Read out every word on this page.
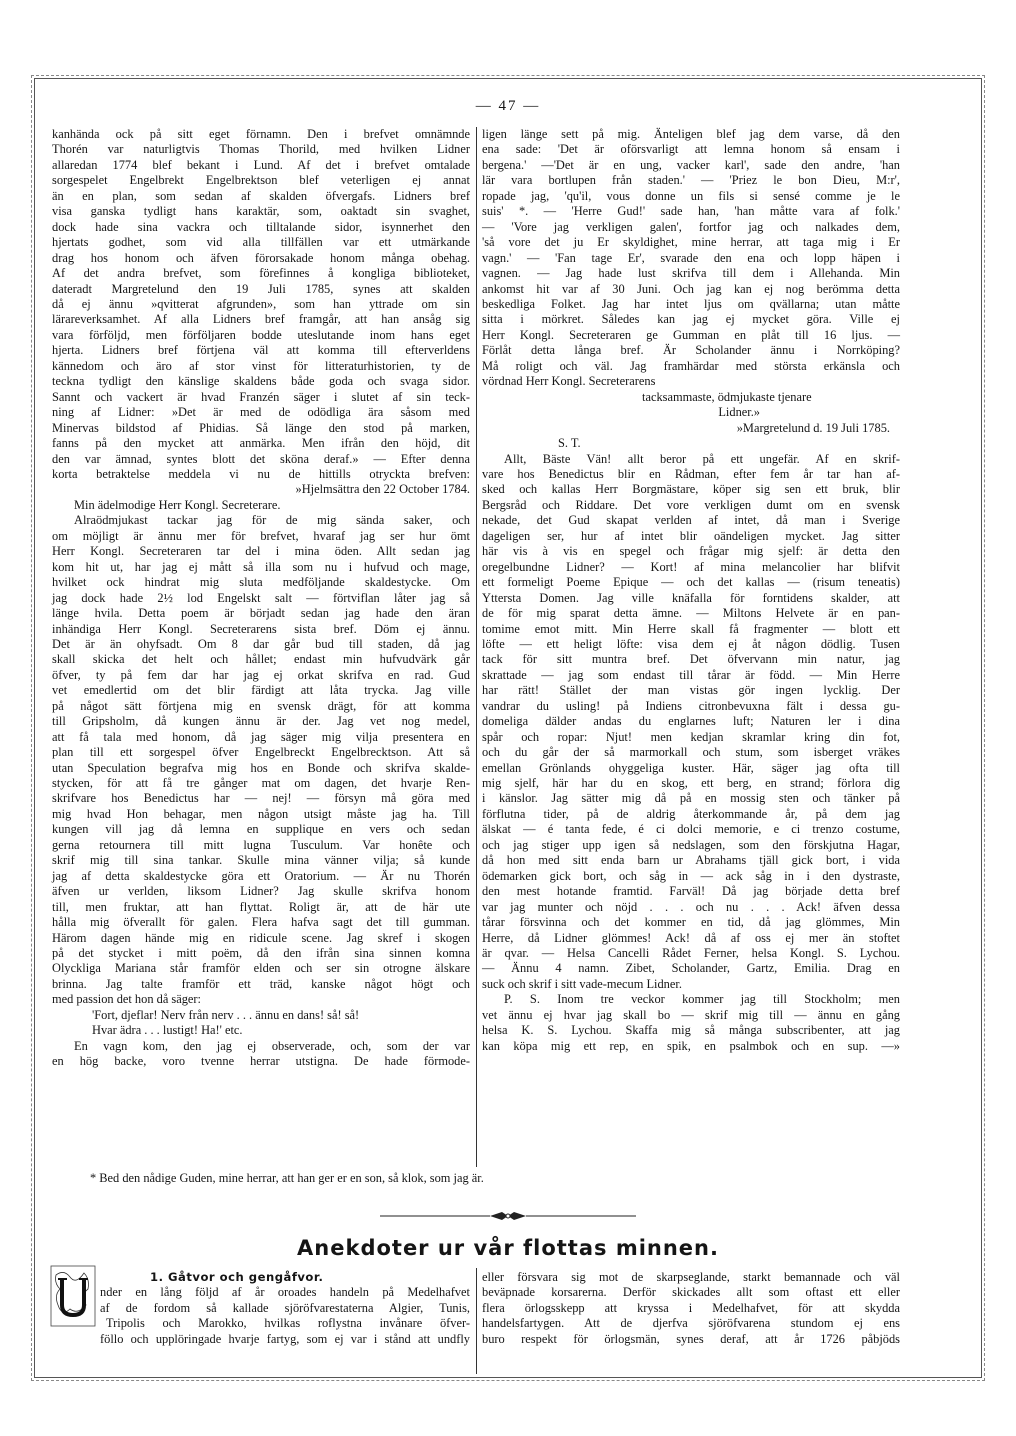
— 47 —

kanhända ock på sitt eget förnamn. Den i brefvet omnämnde

Thorén var naturligtvis Thomas Thorild, med hvilken Lidner

allaredan 1774 blef bekant i Lund. Af det i brefvet omtalade

sorgespelet Engelbrekt Engelbrektson blef veterligen ej annat

än en plan, som sedan af skalden öfvergafs. Lidners bref

visa ganska tydligt hans karaktär, som, oaktadt sin svaghet,

dock hade sina vackra och tilltalande sidor, isynnerhet den

hjertats godhet, som vid alla tillfällen var ett utmärkande

drag hos honom och äfven förorsakade honom många obehag.

Af det andra brefvet, som förefinnes å kongliga biblioteket,

dateradt Margretelund den 19 Juli 1785, synes att skalden

då ej ännu »qvitterat afgrunden», som han yttrade om sin

lärareverksamhet. Af alla Lidners bref framgår, att han ansåg sig

vara förföljd, men förföljaren bodde uteslutande inom hans eget

hjerta. Lidners bref förtjena väl att komma till efterverldens

kännedom och äro af stor vinst för litteraturhistorien, ty de

teckna tydligt den känslige skaldens både goda och svaga sidor.

Sannt och vackert är hvad Franzén säger i slutet af sin teck-

ning af Lidner: »Det är med de odödliga ära såsom med

Minervas bildstod af Phidias. Så länge den stod på marken,

fanns på den mycket att anmärka. Men ifrån den höjd, dit

den var ämnad, syntes blott det sköna deraf.» — Efter denna

korta betraktelse meddela vi nu de hittills otryckta brefven:

»Hjelmsättra den 22 October 1784.

Min ädelmodige Herr Kongl. Secreterare.

Alraödmjukast tackar jag för de mig sända saker, och

om möjligt är ännu mer för brefvet, hvaraf jag ser hur ömt

Herr Kongl. Secreteraren tar del i mina öden. Allt sedan jag

kom hit ut, har jag ej mått så illa som nu i hufvud och mage,

hvilket ock hindrat mig sluta medföljande skaldestycke. Om

jag dock hade 2½ lod Engelskt salt — förtviflan låter jag så

länge hvila. Detta poem är börjadt sedan jag hade den äran

inhändiga Herr Kongl. Secreterarens sista bref. Döm ej ännu.

Det är än ohyfsadt. Om 8 dar går bud till staden, då jag

skall skicka det helt och hållet; endast min hufvudvärk går

öfver, ty på fem dar har jag ej orkat skrifva en rad. Gud

vet emedlertid om det blir färdigt att låta trycka. Jag ville

på något sätt förtjena mig en svensk drägt, för att komma

till Gripsholm, då kungen ännu är der. Jag vet nog medel,

att få tala med honom, då jag säger mig vilja presentera en

plan till ett sorgespel öfver Engelbreckt Engelbrecktson. Att så

utan Speculation begrafva mig hos en Bonde och skrifva skalde-

stycken, för att få tre gånger mat om dagen, det hvarje Ren-

skrifvare hos Benedictus har — nej! — försyn må göra med

mig hvad Hon behagar, men någon utsigt måste jag ha. Till

kungen vill jag då lemna en supplique en vers och sedan

gerna retournera till mitt lugna Tusculum. Var honête och

skrif mig till sina tankar. Skulle mina vänner vilja; så kunde

jag af detta skaldestycke göra ett Oratorium. — Är nu Thorén

äfven ur verlden, liksom Lidner? Jag skulle skrifva honom

till, men fruktar, att han flyttat. Roligt är, att de här ute

hålla mig öfverallt för galen. Flera hafva sagt det till gumman.

Härom dagen hände mig en ridicule scene. Jag skref i skogen

på det stycket i mitt poëm, då den ifrån sina sinnen komna

Olyckliga Mariana står framför elden och ser sin otrogne älskare

brinna. Jag talte framför ett träd, kanske något högt och

med passion det hon då säger:

'Fort, djeflar! Nerv från nerv . . . ännu en dans! så! så!

Hvar ädra . . . lustigt! Ha!' etc.

En vagn kom, den jag ej observerade, och, som der var

en hög backe, voro tvenne herrar utstigna. De hade förmode-

ligen länge sett på mig. Änteligen blef jag dem varse, då den

ena sade: 'Det är oförsvarligt att lemna honom så ensam i

bergena.' —'Det är en ung, vacker karl', sade den andre, 'han

lär vara bortlupen från staden.' — 'Priez le bon Dieu, M:r',

ropade jag, 'qu'il, vous donne un fils si sensé comme je le

suis' *. — 'Herre Gud!' sade han, 'han måtte vara af folk.'

— 'Vore jag verkligen galen', fortfor jag och nalkades dem,

'så vore det ju Er skyldighet, mine herrar, att taga mig i Er

vagn.' — 'Fan tage Er', svarade den ena och lopp häpen i

vagnen. — Jag hade lust skrifva till dem i Allehanda. Min

ankomst hit var af 30 Juni. Och jag kan ej nog berömma detta

beskedliga Folket. Jag har intet ljus om qvällarna; utan måtte

sitta i mörkret. Således kan jag ej mycket göra. Ville ej

Herr Kongl. Secreteraren ge Gumman en plåt till 16 ljus. —

Förlåt detta långa bref. Är Scholander ännu i Norrköping?

Må roligt och väl. Jag framhärdar med största erkänsla och

vördnad Herr Kongl. Secreterarens

tacksammaste, ödmjukaste tjenare

Lidner.»

»Margretelund d. 19 Juli 1785.

S. T.

Allt, Bäste Vän! allt beror på ett ungefär. Af en skrif-

vare hos Benedictus blir en Rådman, efter fem år tar han af-

sked och kallas Herr Borgmästare, köper sig sen ett bruk, blir

Bergsråd och Riddare. Det vore verkligen dumt om en svensk

nekade, det Gud skapat verlden af intet, då man i Sverige

dageligen ser, hur af intet blir oändeligen mycket. Jag sitter

här vis à vis en spegel och frågar mig sjelf: är detta den

oregelbundne Lidner? — Kort! af mina melancolier har blifvit

ett formeligt Poeme Epique — och det kallas — (risum teneatis)

Yttersta Domen. Jag ville knäfalla för forntidens skalder, att

de för mig sparat detta ämne. — Miltons Helvete är en pan-

tomime emot mitt. Min Herre skall få fragmenter — blott ett

löfte — ett heligt löfte: visa dem ej åt någon dödlig. Tusen

tack för sitt muntra bref. Det öfvervann min natur, jag

skrattade — jag som endast till tårar är född. — Min Herre

har rätt! Stället der man vistas gör ingen lycklig. Der

vandrar du usling! på Indiens citronbevuxna fält i dessa gu-

domeliga dälder andas du englarnes luft; Naturen ler i dina

spår och ropar: Njut! men kedjan skramlar kring din fot,

och du går der så marmorkall och stum, som isberget vräkes

emellan Grönlands ohyggeliga kuster. Här, säger jag ofta till

mig sjelf, här har du en skog, ett berg, en strand; förlora dig

i känslor. Jag sätter mig då på en mossig sten och tänker på

förflutna tider, på de aldrig återkommande år, på dem jag

älskat — é tanta fede, é ci dolci memorie, e ci trenzo costume,

och jag stiger upp igen så nedslagen, som den förskjutna Hagar,

då hon med sitt enda barn ur Abrahams tjäll gick bort, i vida

ödemarken gick bort, och såg in — ack såg in i den dystraste,

den mest hotande framtid. Farväl! Då jag började detta bref

var jag munter och nöjd . . . och nu . . . Ack! äfven dessa

tårar försvinna och det kommer en tid, då jag glömmes, Min

Herre, då Lidner glömmes! Ack! då af oss ej mer än stoftet

är qvar. — Helsa Cancelli Rådet Ferner, helsa Kongl. S. Lychou.

— Ännu 4 namn. Zibet, Scholander, Gartz, Emilia. Drag en

suck och skrif i sitt vade-mecum Lidner.

P. S. Inom tre veckor kommer jag till Stockholm; men

vet ännu ej hvar jag skall bo — skrif mig till — ännu en gång

helsa K. S. Lychou. Skaffa mig så många subscribenter, att jag

kan köpa mig ett rep, en spik, en psalmbok och en sup. —»

* Bed den nådige Guden, mine herrar, att han ger er en son, så klok, som jag är.
Anekdoter ur vår flottas minnen.

1. Gåtvor och gengåfvor.

nder en lång följd af år oroades handeln på Medelhafvet

af de fordom så kallade sjöröfvarestaterna Algier, Tunis,

Tripolis och Marokko, hvilkas roflystna invånare öfver-

föllo och upplöringade hvarje fartyg, som ej var i stånd att undfly

eller försvara sig mot de skarpseglande, starkt bemannade och väl

beväpnade korsarerna. Derför skickades allt som oftast ett eller

flera örlogsskepp att kryssa i Medelhafvet, för att skydda

handelsfartygen. Att de djerfva sjöröfvarena stundom ej ens

buro respekt för örlogsmän, synes deraf, att år 1726 påbjöds
